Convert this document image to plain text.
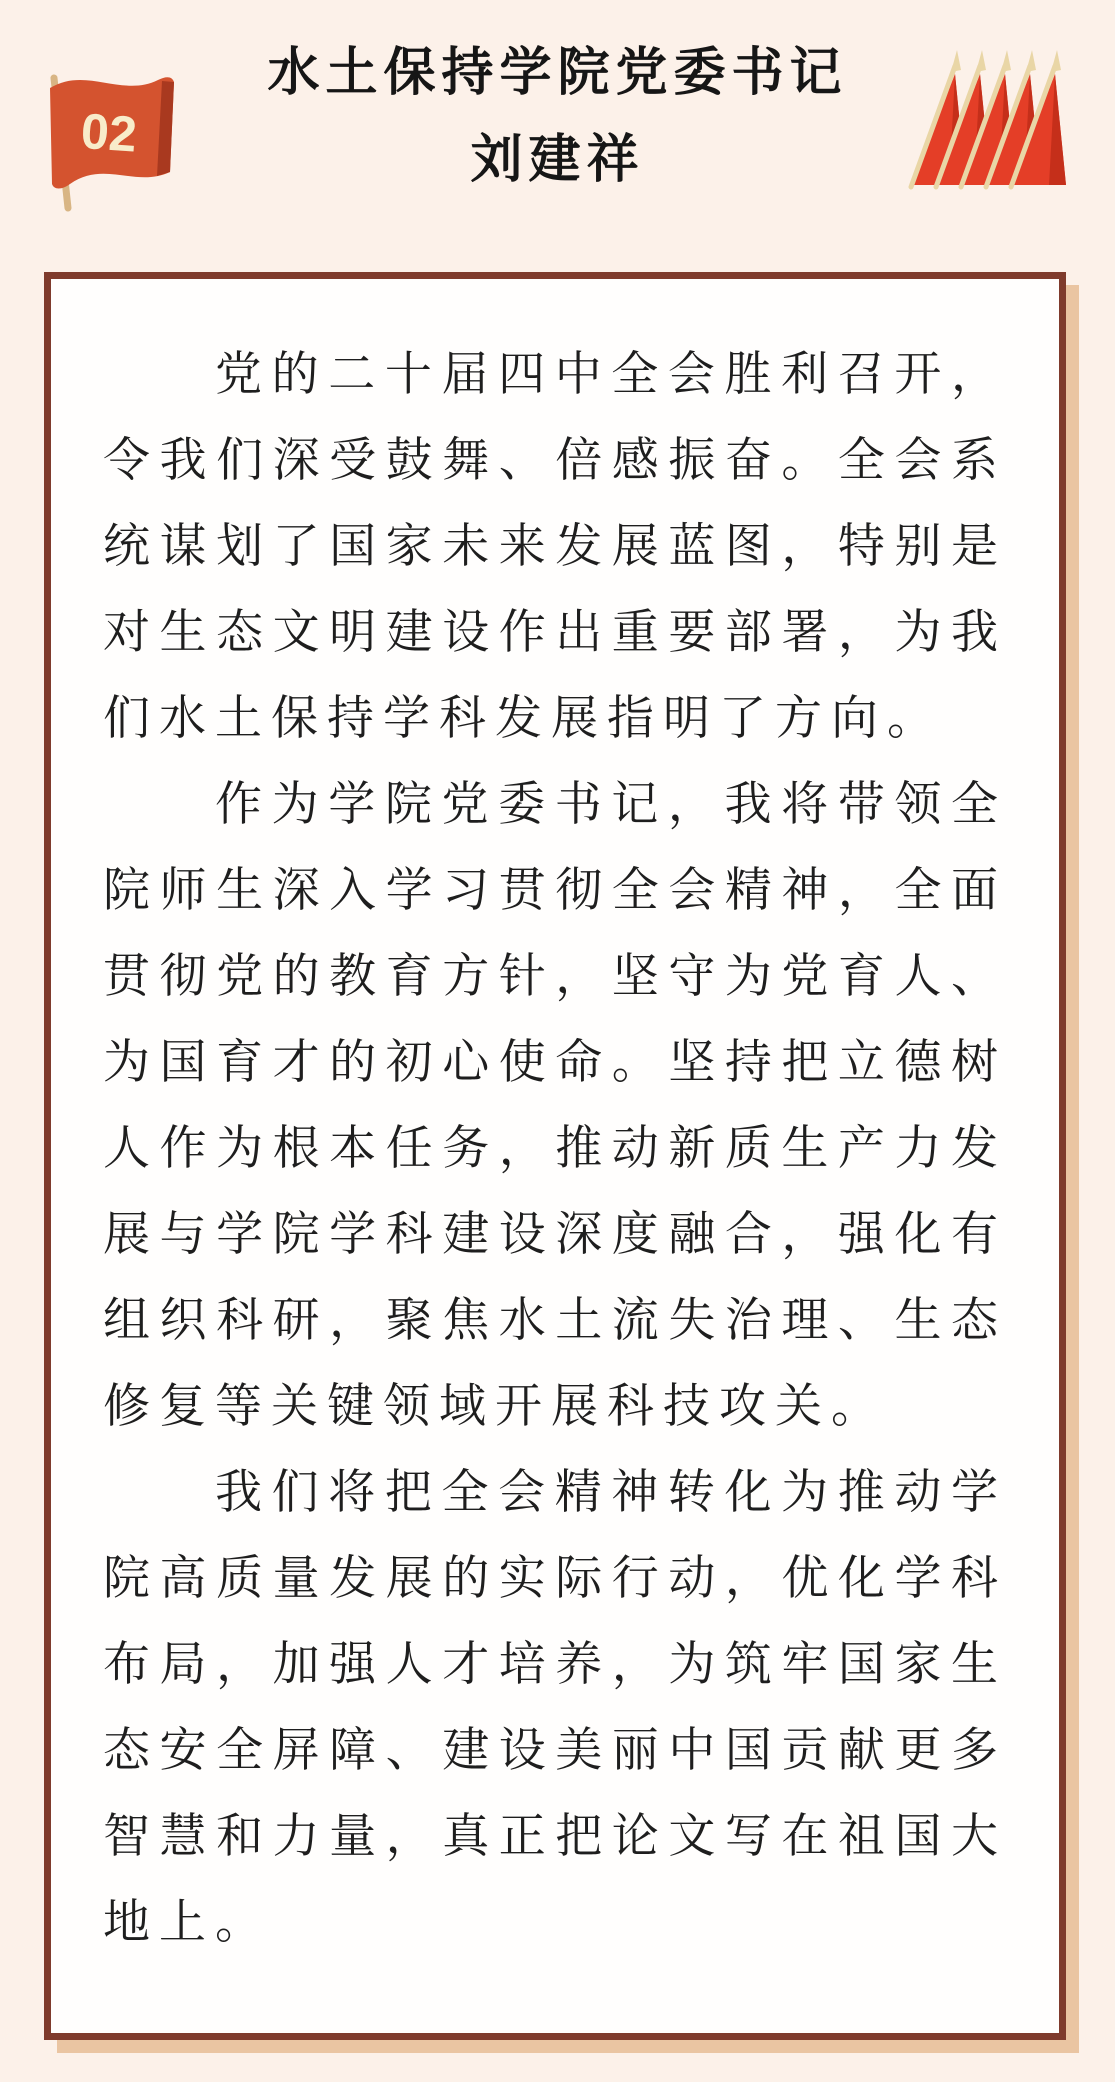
02
水土保持学院党委书记
刘建祥

党的二十届四中全会胜利召开，令我们深受鼓舞、倍感振奋。全会系统谋划了国家未来发展蓝图，特别是对生态文明建设作出重要部署，为我们水土保持学科发展指明了方向。

作为学院党委书记，我将带领全院师生深入学习贯彻全会精神，全面贯彻党的教育方针，坚守为党育人、为国育才的初心使命。坚持把立德树人作为根本任务，推动新质生产力发展与学院学科建设深度融合，强化有组织科研，聚焦水土流失治理、生态修复等关键领域开展科技攻关。

我们将把全会精神转化为推动学院高质量发展的实际行动，优化学科布局，加强人才培养，为筑牢国家生态安全屏障、建设美丽中国贡献更多智慧和力量，真正把论文写在祖国大地上。
